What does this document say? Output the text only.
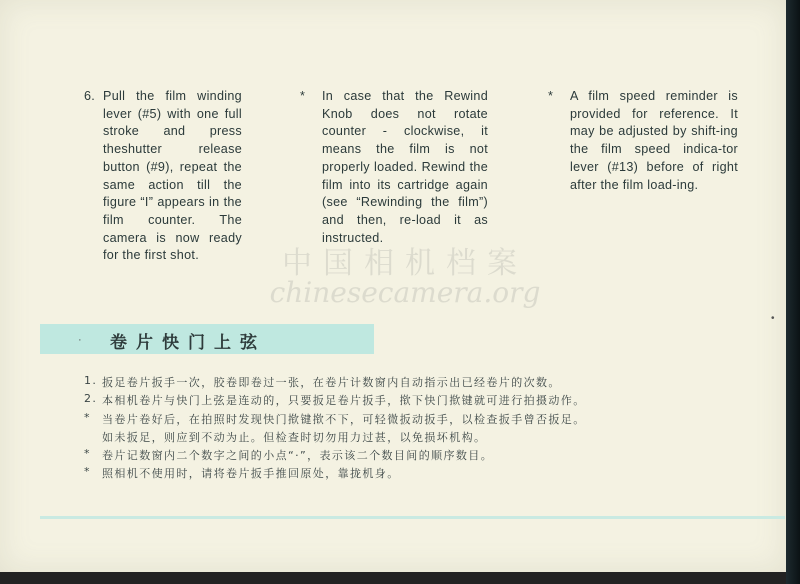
6. Pull the film winding lever (#5) with one full stroke and press theshutter release button (#9), repeat the same action till the figure “I” appears in the film counter. The camera is now ready for the first shot.
* In case that the Rewind Knob does not rotate counter - clockwise, it means the film is not properly loaded. Rewind the film into its cartridge again (see “Rewinding the film”) and then, re-load it as instructed.
* A film speed reminder is provided for reference. It may be adjusted by shift-ing the film speed indica-tor lever (#13) before of right after the film load-ing.
中国相机档案
chinesecamera.org
· 卷片快门上弦
1. 扳足卷片扳手一次，胶卷即卷过一张，在卷片计数窗内自动指示出已经卷片的次数。
2. 本相机卷片与快门上弦是连动的，只要扳足卷片扳手，揿下快门揿键就可进行拍摄动作。
*	当卷片卷好后，在拍照时发现快门揿键揿不下，可轻微扳动扳手，以检查扳手曾否扳足。
如未扳足，则应到不动为止。但检查时切勿用力过甚，以免损坏机构。
*	卷片记数窗内二个数字之间的小点“·”，表示该二个数目间的顺序数目。
*	照相机不使用时，请将卷片扳手推回原处，靠拢机身。
•
